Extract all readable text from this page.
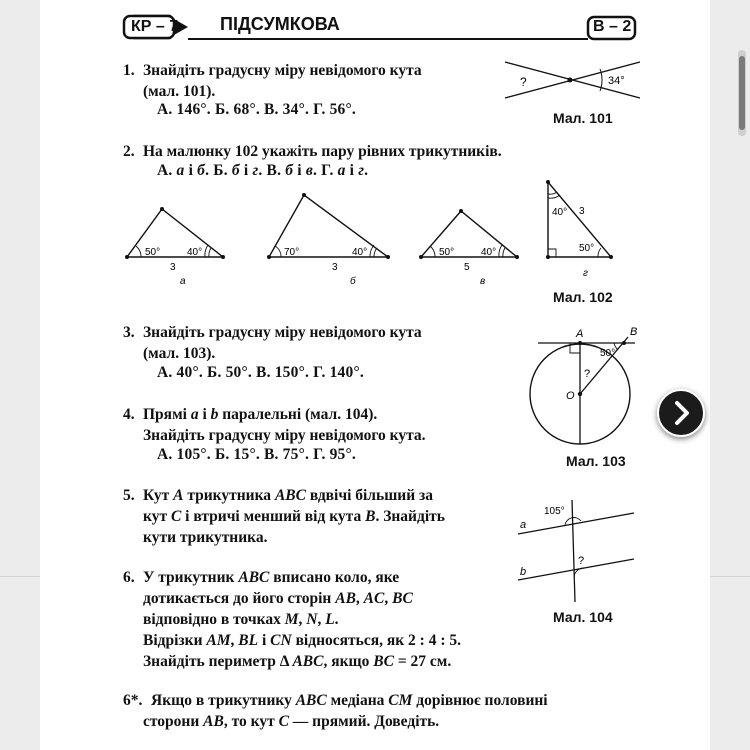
КР – 7 ПІДСУМКОВА	В – 2
1. Знайдіть градусну міру невідомого кута
(мал. 101).
А. 146°. Б. 68°. В. 34°. Г. 56°.
?	34°
Мал. 101
2. На малюнку 102 укажіть пару рівних трикутників.
А. а і б. Б. б і г. В. б і в. Г. а і г.
50°	40°
3
а
70°	40°
3
б
50°	40°
5
в
40° 3
50°
г
Мал. 102
3. Знайдіть градусну міру невідомого кута
(мал. 103).
А. 40°. Б. 50°. В. 150°. Г. 140°.
A	B
O
50°
?
Мал. 103
4. Прямі a і b паралельні (мал. 104).
Знайдіть градусну міру невідомого кута.
А. 105°. Б. 15°. В. 75°. Г. 95°.
5. Кут A трикутника ABC вдвічі більший за
кут C і втричі менший від кута B. Знайдіть
кути трикутника.
a
b
105°
?
Мал. 104
6. У трикутник ABC вписано коло, яке
дотикається до його сторін AB, AC, BC
відповідно в точках M, N, L.
Відрізки AM, BL і CN відносяться, як 2 : 4 : 5.
Знайдіть периметр Δ ABC, якщо BC = 27 см.
6*. Якщо в трикутнику ABC медіана CM дорівнює половині
сторони AB, то кут C — прямий. Доведіть.
